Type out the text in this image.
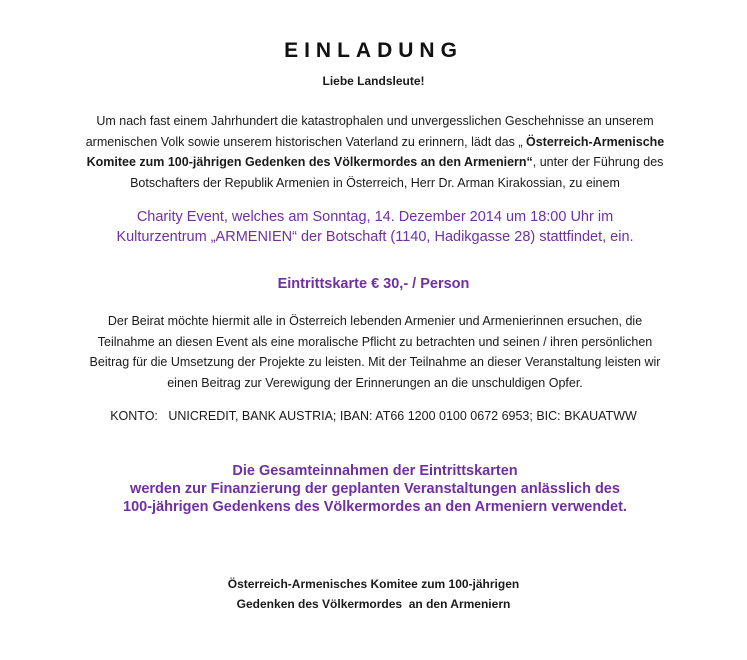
EINLADUNG
Liebe Landsleute!
Um nach fast einem Jahrhundert die katastrophalen und unvergesslichen Geschehnisse an unserem
armenischen Volk sowie unserem historischen Vaterland zu erinnern, lädt das „ Österreich-Armenische
Komitee zum 100-jährigen Gedenken des Völkermordes an den Armeniern“, unter der Führung des
Botschafters der Republik Armenien in Österreich, Herr Dr. Arman Kirakossian, zu einem
Charity Event, welches am Sonntag, 14. Dezember 2014 um 18:00 Uhr im
Kulturzentrum „ARMENIEN“ der Botschaft (1140, Hadikgasse 28) stattfindet, ein.
Eintrittskarte € 30,- / Person
Der Beirat möchte hiermit alle in Österreich lebenden Armenier und Armenierinnen ersuchen, die
Teilnahme an diesen Event als eine moralische Pflicht zu betrachten und seinen / ihren persönlichen
Beitrag für die Umsetzung der Projekte zu leisten. Mit der Teilnahme an dieser Veranstaltung leisten wir
einen Beitrag zur Verewigung der Erinnerungen an die unschuldigen Opfer.
KONTO:   UNICREDIT, BANK AUSTRIA; IBAN: AT66 1200 0100 0672 6953; BIC: BKAUATWW
Die Gesamteinnahmen der Eintrittskarten
werden zur Finanzierung der geplanten Veranstaltungen anlässlich des
100-jährigen Gedenkens des Völkermordes an den Armeniern verwendet.
Österreich-Armenisches Komitee zum 100-jährigen
Gedenken des Völkermordes  an den Armeniern
